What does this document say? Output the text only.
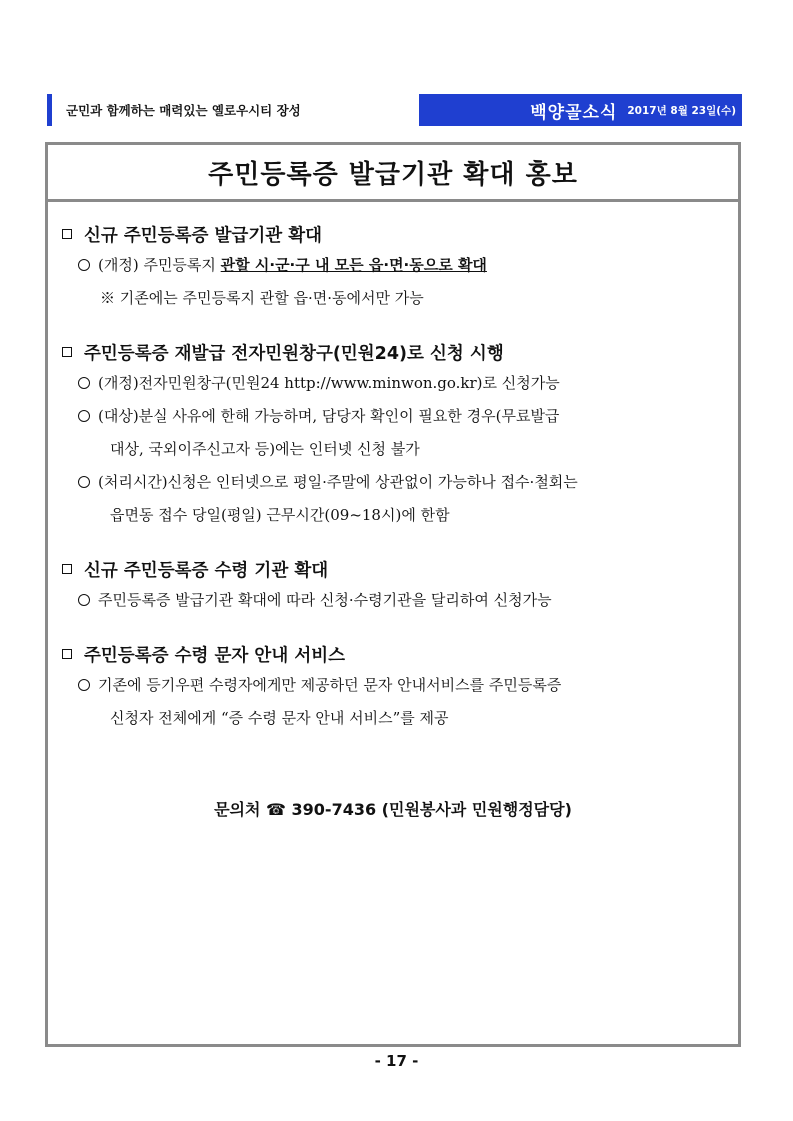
군민과 함께하는 매력있는 옐로우시티 장성	백양골소식 2017년 8월 23일(수)
주민등록증 발급기관 확대 홍보
신규 주민등록증 발급기관 확대
(개정) 주민등록지 관할 시·군·구 내 모든 읍·면·동으로 확대
※ 기존에는 주민등록지 관할 읍·면·동에서만 가능
주민등록증 재발급 전자민원창구(민원24)로 신청 시행
(개정)전자민원창구(민원24 http://www.minwon.go.kr)로 신청가능
(대상)분실 사유에 한해 가능하며, 담당자 확인이 필요한 경우(무료발급
대상, 국외이주신고자 등)에는 인터넷 신청 불가
(처리시간)신청은 인터넷으로 평일·주말에 상관없이 가능하나 접수·철회는
읍면동 접수 당일(평일) 근무시간(09~18시)에 한함
신규 주민등록증 수령 기관 확대
주민등록증 발급기관 확대에 따라 신청·수령기관을 달리하여 신청가능
주민등록증 수령 문자 안내 서비스
기존에 등기우편 수령자에게만 제공하던 문자 안내서비스를 주민등록증
신청자 전체에게 “증 수령 문자 안내 서비스”를 제공
문의처 ☎ 390-7436 (민원봉사과 민원행정담당)
- 17 -
